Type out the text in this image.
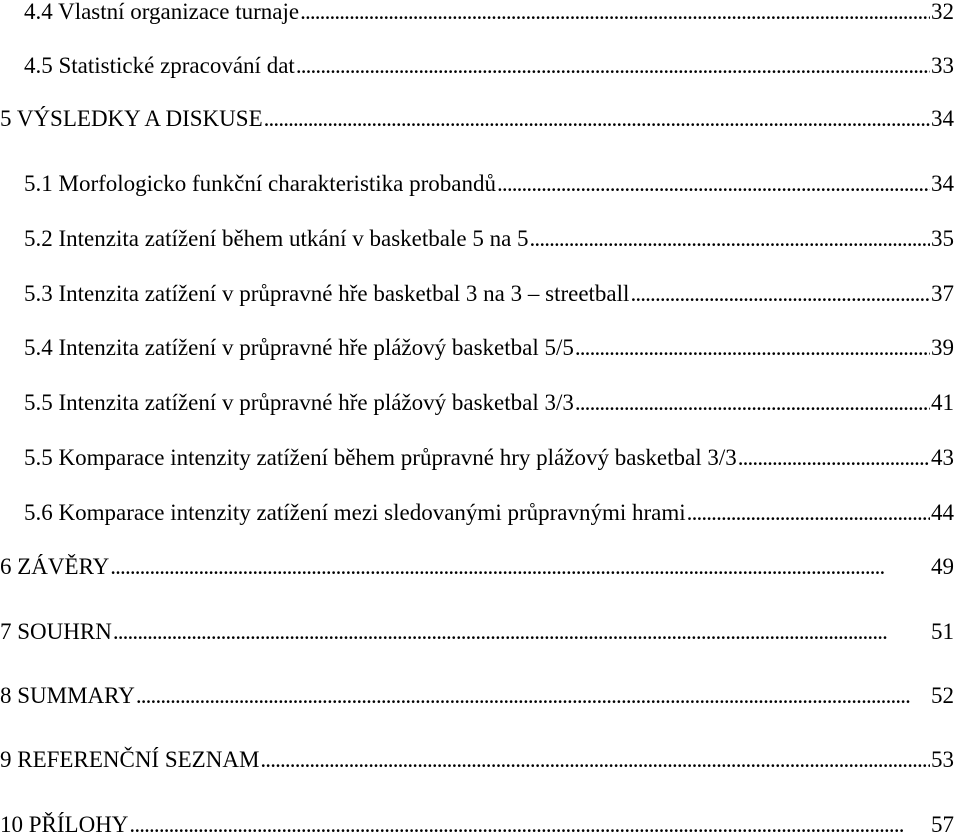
4.4 Vlastní organizace turnaje . . .	32
4.5 Statistické zpracování dat . . .	33
5 VÝSLEDKY A DISKUSE . . .	34
5.1 Morfologicko funkční charakteristika probandů . . .	34
5.2 Intenzita zatížení během utkání v basketbale 5 na 5 . . .	35
5.3 Intenzita zatížení v průpravné hře basketbal 3 na 3 – streetball . . .	37
5.4 Intenzita zatížení v průpravné hře plážový basketbal 5/5 . . .	39
5.5 Intenzita zatížení v průpravné hře plážový basketbal 3/3 . . .	41
5.5 Komparace intenzity zatížení během průpravné hry plážový basketbal 3/3 . . .	43
5.6 Komparace intenzity zatížení mezi sledovanými průpravnými hrami . . .	44
6 ZÁVĚRY . . .	49
7 SOUHRN . . .	51
8 SUMMARY . . .	52
9 REFERENČNÍ SEZNAM . . .	53
10 PŘÍLOHY . . .	57
